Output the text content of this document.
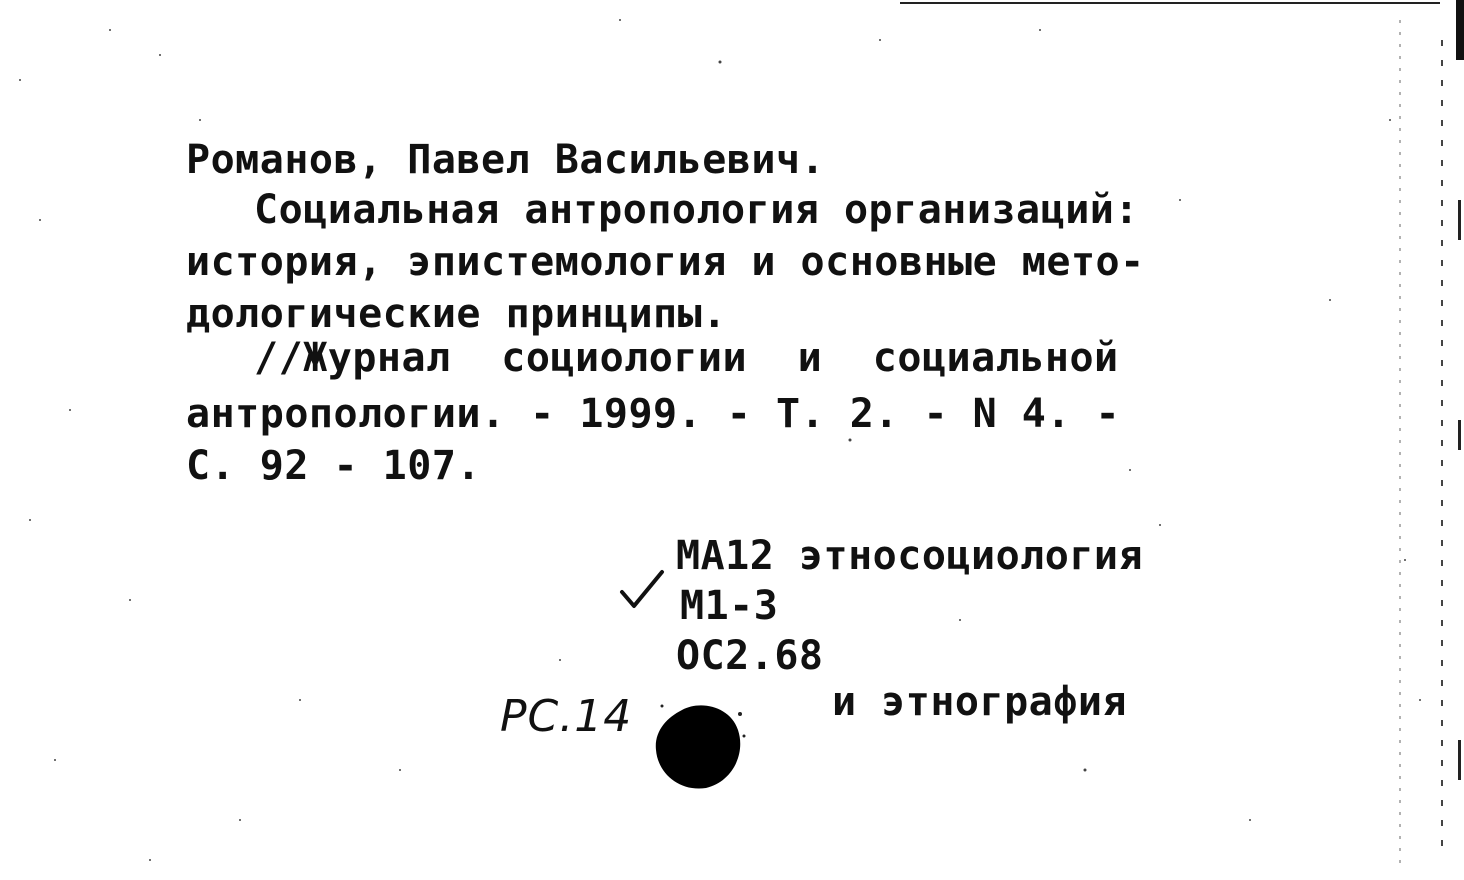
Романов, Павел Васильевич.
Социальная антропология организаций:
история, эпистемология и основные мето-
дологические принципы.
//Журнал социологии и социальной
антропологии. - 1999. - Т. 2. - N 4. -
С. 92 - 107.
MA12 этносоциология
M1-3
OC2.68
PC.14	и этнография
